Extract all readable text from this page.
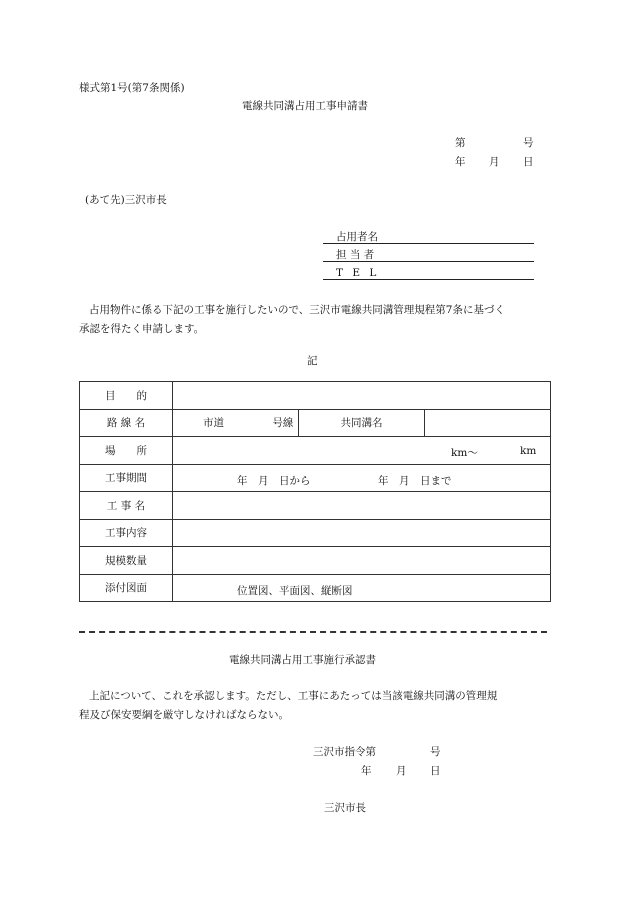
様式第1号(第7条関係)
電線共同溝占用工事申請書
第	号
年 月 日
(あて先)三沢市長
占用者名
担 当 者
T E L
占用物件に係る下記の工事を施行したいので、三沢市電線共同溝管理規程第7条に基づく
承認を得たく申請します。
記
目　　的			
路 線 名	市道 号線	共同溝名	
場　　所	km〜 km		

工事期間	年　月　日から 年　月　日まで		

工 事 名			
工事内容			
規模数量			
添付図面	位置図、平面図、縦断図		
電線共同溝占用工事施行承認書
上記について、これを承認します。ただし、工事にあたっては当該電線共同溝の管理規
程及び保安要綱を厳守しなければならない。
三沢市指令第	号
年 月 日
三沢市長
